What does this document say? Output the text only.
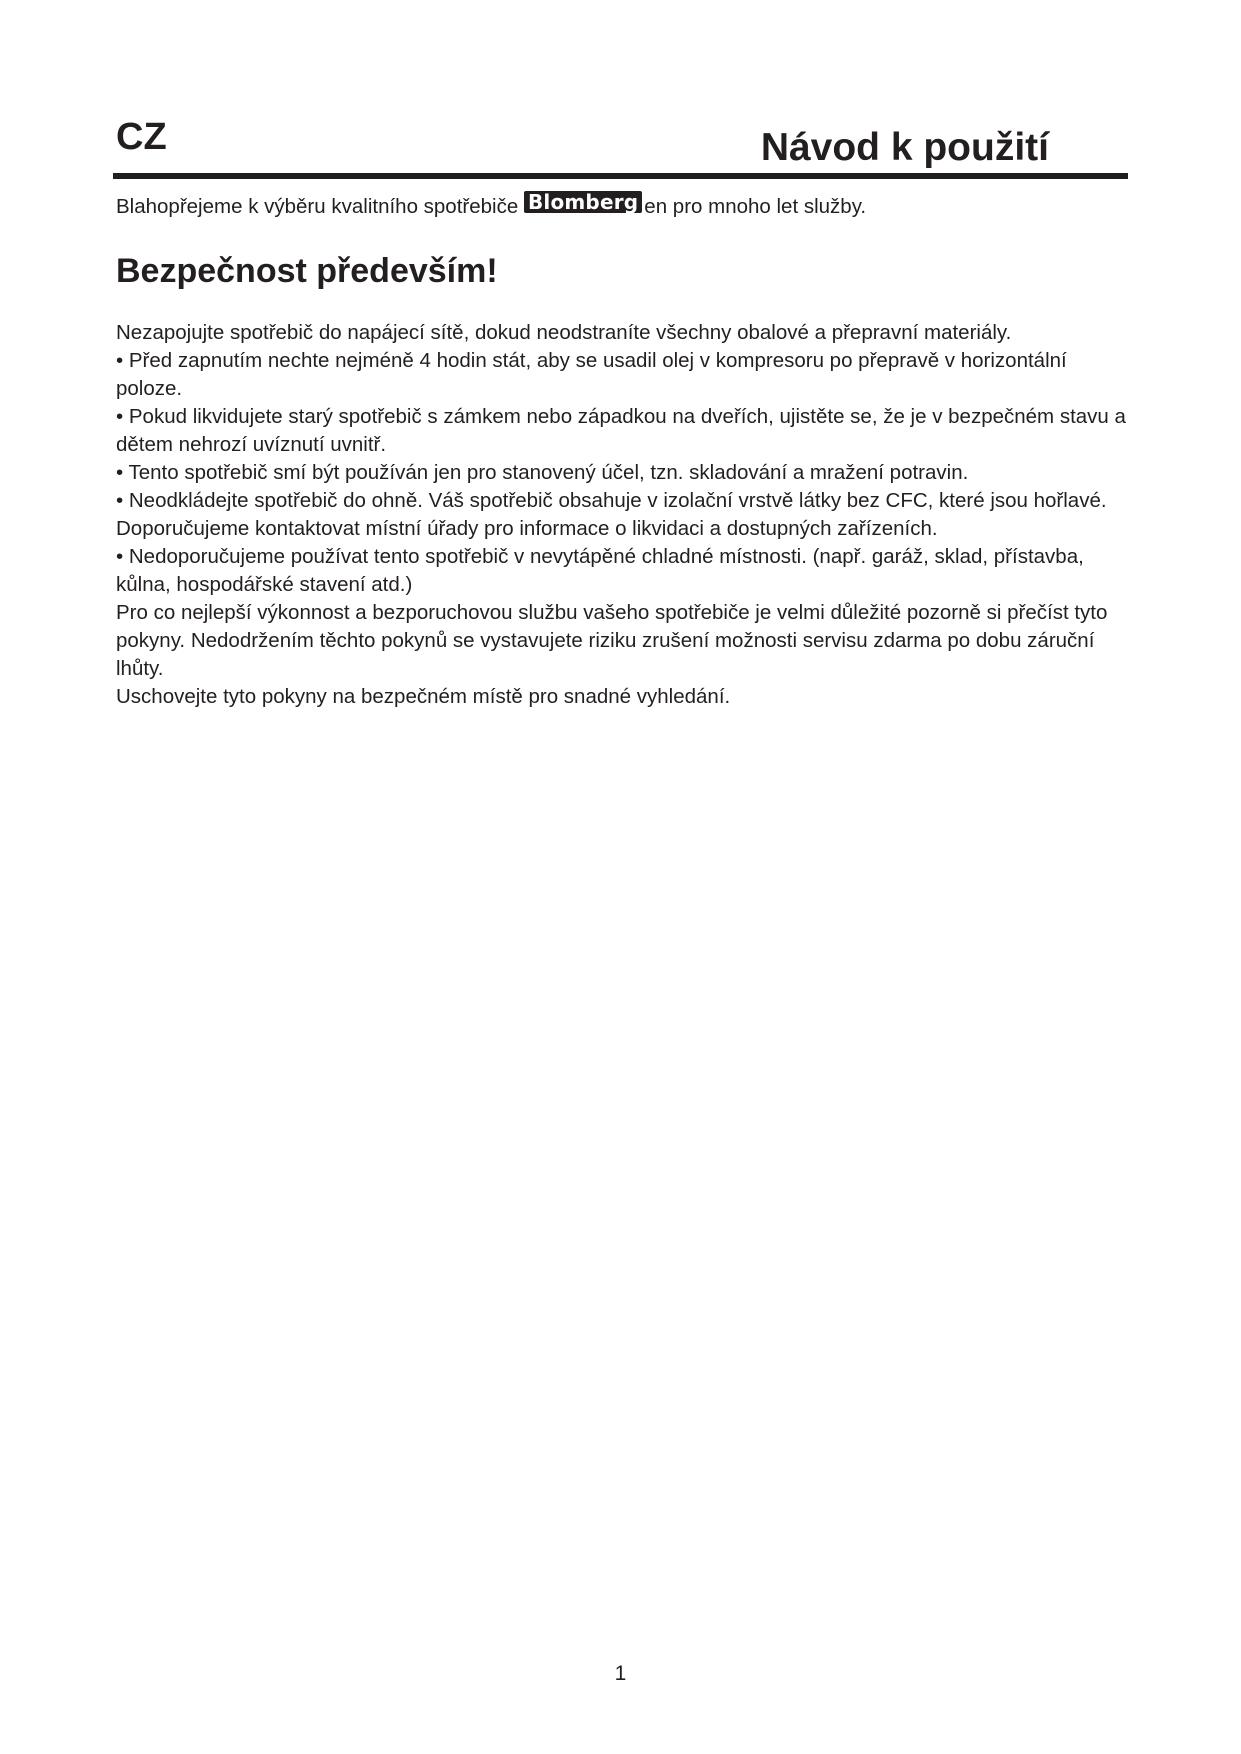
CZ	Návod k použití
Blahopřejeme k výběru kvalitního spotřebiče Blomberg en pro mnoho let služby.
Bezpečnost především!

Nezapojujte spotřebič do napájecí sítě, dokud neodstraníte všechny obalové a přepravní materiály.

• Před zapnutím nechte nejméně 4 hodin stát, aby se usadil olej v kompresoru po přepravě v horizontální poloze.

• Pokud likvidujete starý spotřebič s zámkem nebo západkou na dveřích, ujistěte se, že je v bezpečném stavu a dětem nehrozí uvíznutí uvnitř.

• Tento spotřebič smí být používán jen pro stanovený účel, tzn. skladování a mražení potravin.

• Neodkládejte spotřebič do ohně. Váš spotřebič obsahuje v izolační vrstvě látky bez CFC, které jsou hořlavé. Doporučujeme kontaktovat místní úřady pro informace o likvidaci a dostupných zařízeních.

• Nedoporučujeme používat tento spotřebič v nevytápěné chladné místnosti. (např. garáž, sklad, přístavba, kůlna, hospodářské stavení atd.)

Pro co nejlepší výkonnost a bezporuchovou službu vašeho spotřebiče je velmi důležité pozorně si přečíst tyto pokyny. Nedodržením těchto pokynů se vystavujete riziku zrušení možnosti servisu zdarma po dobu záruční lhůty.

Uschovejte tyto pokyny na bezpečném místě pro snadné vyhledání.

1
